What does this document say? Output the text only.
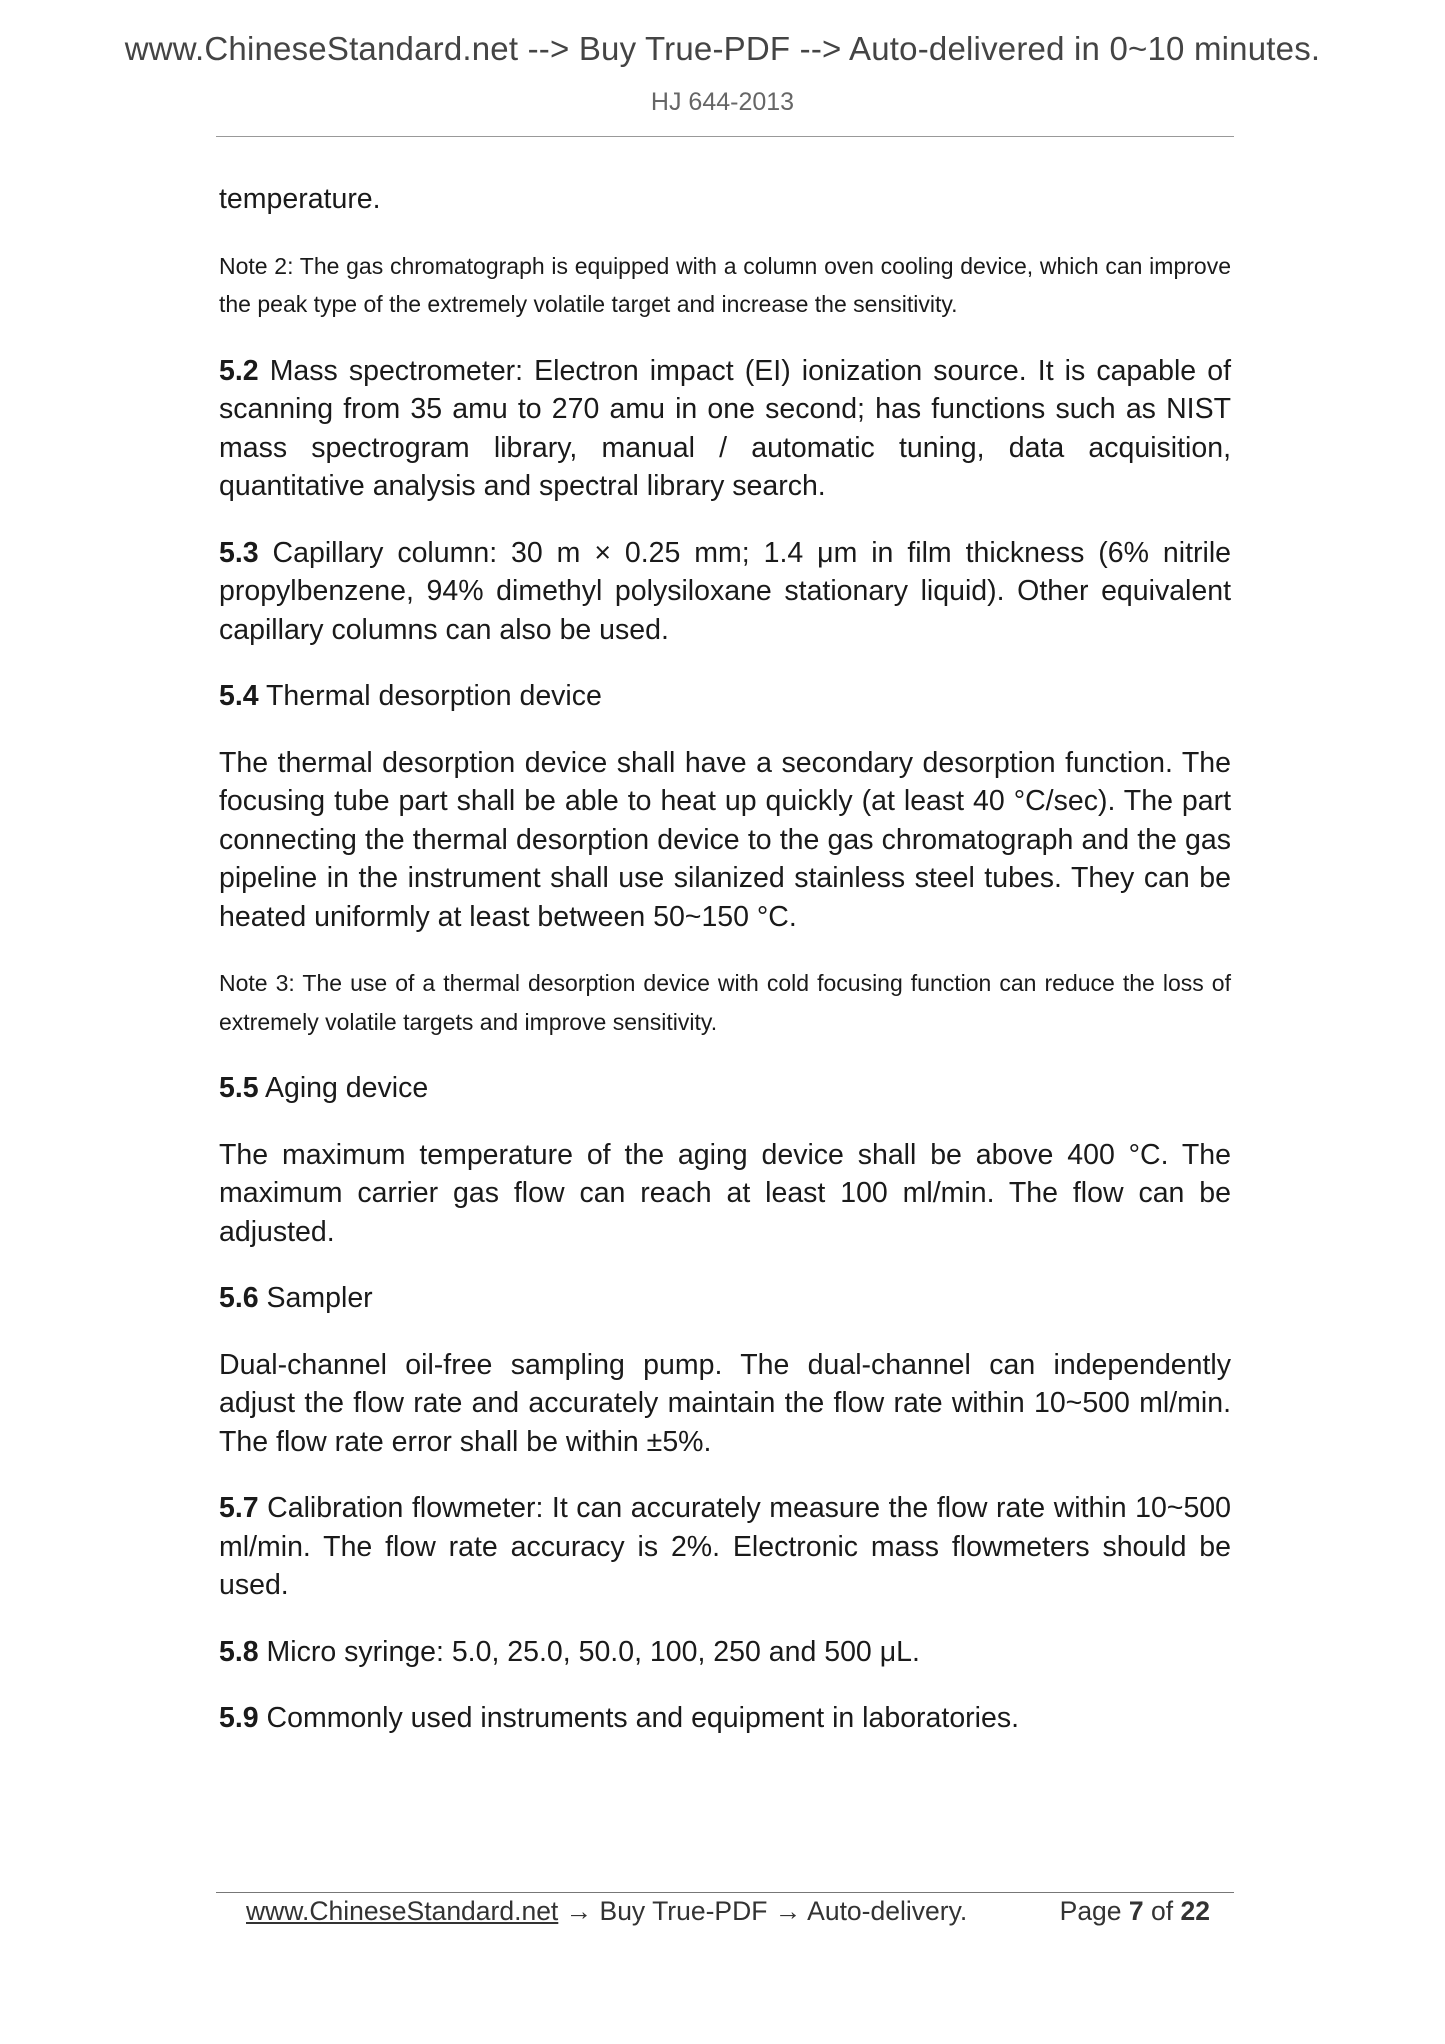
www.ChineseStandard.net --> Buy True-PDF --> Auto-delivered in 0~10 minutes.
HJ 644-2013

temperature.

Note 2: The gas chromatograph is equipped with a column oven cooling device, which can improve the peak type of the extremely volatile target and increase the sensitivity.

5.2 Mass spectrometer: Electron impact (EI) ionization source. It is capable of scanning from 35 amu to 270 amu in one second; has functions such as NIST mass spectrogram library, manual / automatic tuning, data acquisition, quantitative analysis and spectral library search.

5.3 Capillary column: 30 m × 0.25 mm; 1.4 μm in film thickness (6% nitrile propylbenzene, 94% dimethyl polysiloxane stationary liquid). Other equivalent capillary columns can also be used.

5.4 Thermal desorption device

The thermal desorption device shall have a secondary desorption function. The focusing tube part shall be able to heat up quickly (at least 40 °C/sec). The part connecting the thermal desorption device to the gas chromatograph and the gas pipeline in the instrument shall use silanized stainless steel tubes. They can be heated uniformly at least between 50~150 °C.

Note 3: The use of a thermal desorption device with cold focusing function can reduce the loss of extremely volatile targets and improve sensitivity.

5.5 Aging device

The maximum temperature of the aging device shall be above 400 °C. The maximum carrier gas flow can reach at least 100 ml/min. The flow can be adjusted.

5.6 Sampler

Dual-channel oil-free sampling pump. The dual-channel can independently adjust the flow rate and accurately maintain the flow rate within 10~500 ml/min. The flow rate error shall be within ±5%.

5.7 Calibration flowmeter: It can accurately measure the flow rate within 10~500 ml/min. The flow rate accuracy is 2%. Electronic mass flowmeters should be used.

5.8 Micro syringe: 5.0, 25.0, 50.0, 100, 250 and 500 μL.

5.9 Commonly used instruments and equipment in laboratories.

www.ChineseStandard.net → Buy True-PDF → Auto-delivery.	Page 7 of 22
